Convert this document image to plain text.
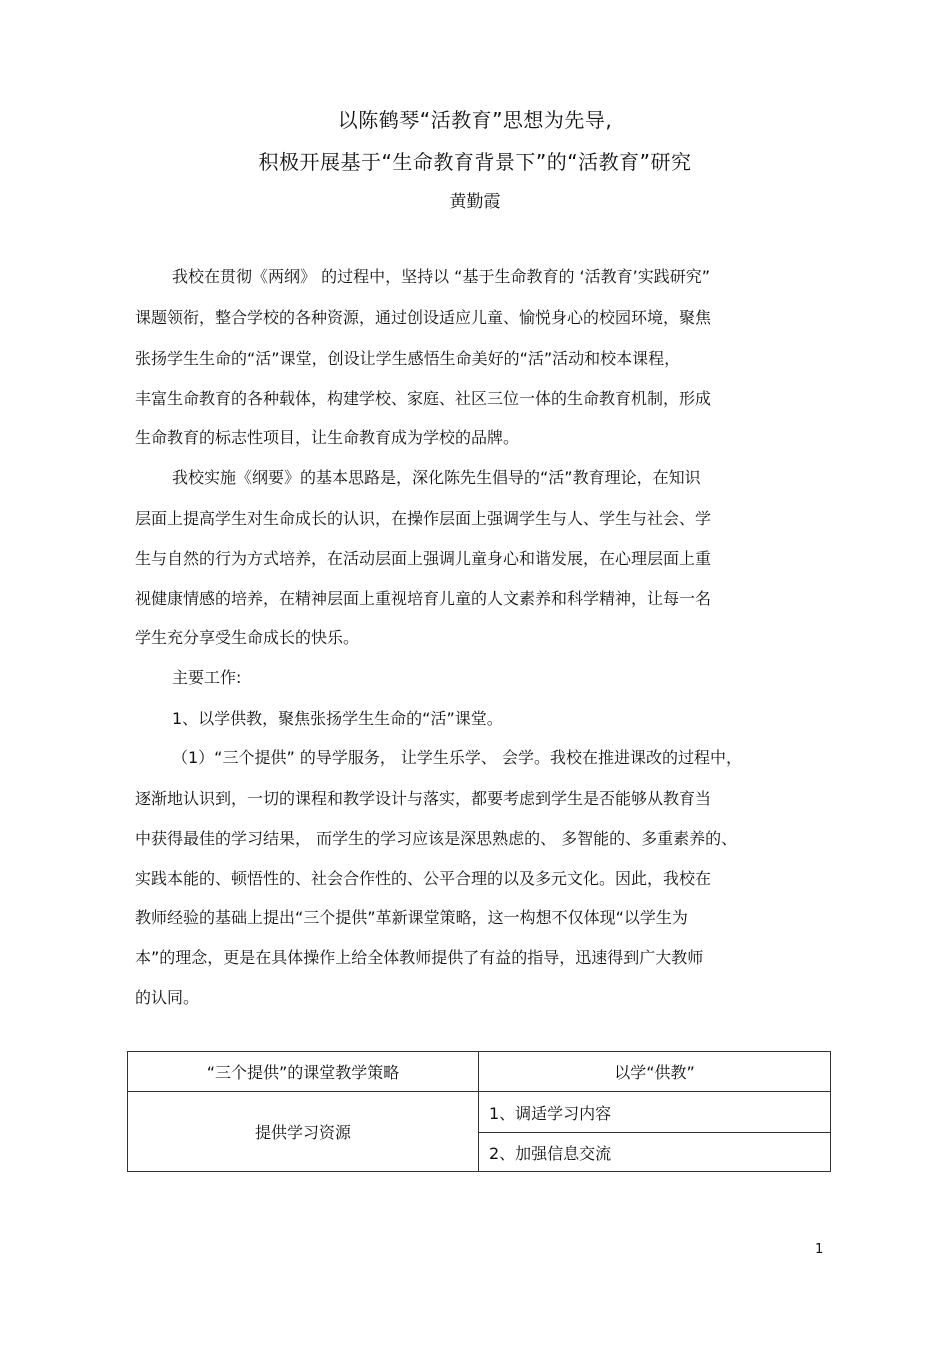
以陈鹤琴“活教育”思想为先导,
积极开展基于“生命教育背景下”的“活教育”研究
黄勤霞
我校在贯彻《两纲》 的过程中，坚持以 “基于生命教育的 ‘活教育’实践研究”
课题领衔，整合学校的各种资源，通过创设适应儿童、愉悦身心的校园环境，聚焦
张扬学生生命的“活”课堂，创设让学生感悟生命美好的“活”活动和校本课程，
丰富生命教育的各种载体，构建学校、家庭、社区三位一体的生命教育机制，形成
生命教育的标志性项目，让生命教育成为学校的品牌。
我校实施《纲要》的基本思路是，深化陈先生倡导的“活”教育理论，在知识
层面上提高学生对生命成长的认识，在操作层面上强调学生与人、学生与社会、学
生与自然的行为方式培养，在活动层面上强调儿童身心和谐发展，在心理层面上重
视健康情感的培养，在精神层面上重视培育儿童的人文素养和科学精神，让每一名
学生充分享受生命成长的快乐。
主要工作:
1、以学供教，聚焦张扬学生生命的“活”课堂。
（1）“三个提供” 的导学服务， 让学生乐学、 会学。我校在推进课改的过程中，
逐渐地认识到，一切的课程和教学设计与落实，都要考虑到学生是否能够从教育当
中获得最佳的学习结果， 而学生的学习应该是深思熟虑的、 多智能的、多重素养的、
实践本能的、顿悟性的、社会合作性的、公平合理的以及多元文化。因此，我校在
教师经验的基础上提出“三个提供”革新课堂策略，这一构想不仅体现“以学生为
本”的理念，更是在具体操作上给全体教师提供了有益的指导，迅速得到广大教师
的认同。
“三个提供”的课堂教学策略	以学“供教”
提供学习资源	1、调适学习内容
	2、加强信息交流
1
